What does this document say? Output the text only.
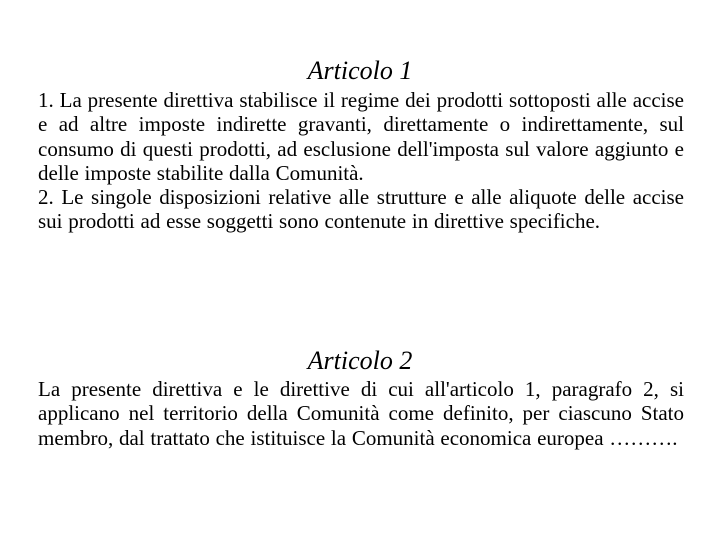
Articolo 1

1. La presente direttiva stabilisce il regime dei prodotti sottoposti alle accise e ad altre imposte indirette gravanti, direttamente o indirettamente, sul consumo di questi prodotti, ad esclusione dell'imposta sul valore aggiunto e delle imposte stabilite dalla Comunità.

2. Le singole disposizioni relative alle strutture e alle aliquote delle accise sui prodotti ad esse soggetti sono contenute in direttive specifiche.

Articolo 2

La presente direttiva e le direttive di cui all'articolo 1, paragrafo 2, si applicano nel territorio della Comunità come definito, per ciascuno Stato membro, dal trattato che istituisce la Comunità economica europea ……….
